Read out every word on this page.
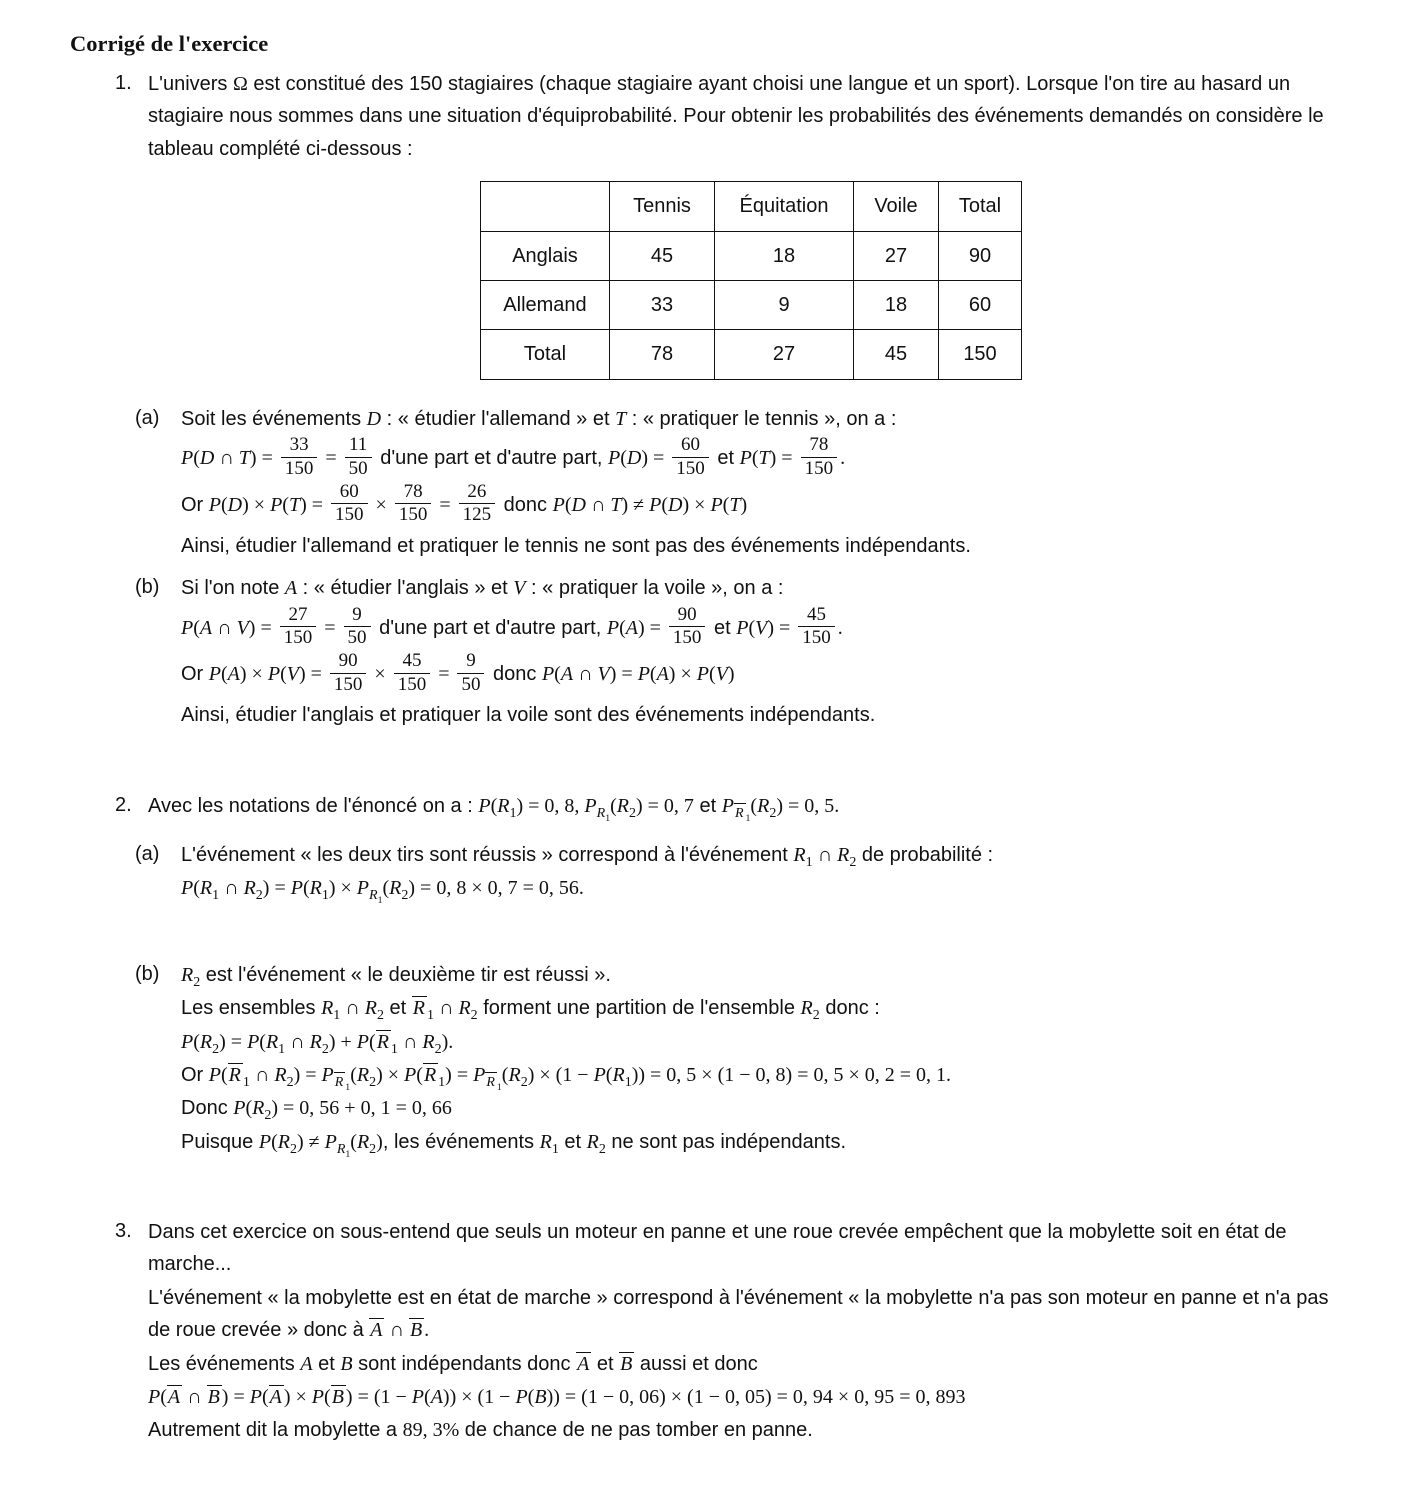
Corrigé de l'exercice
1. L'univers Ω est constitué des 150 stagiaires (chaque stagiaire ayant choisi une langue et un sport). Lorsque l'on tire au hasard un stagiaire nous sommes dans une situation d'équiprobabilité. Pour obtenir les probabilités des événements demandés on considère le tableau complété ci-dessous :
	Tennis	Équitation	Voile	Total
Anglais	45	18	27	90
Allemand	33	9	18	60
Total	78	27	45	150
(a)	Soit les événements D : « étudier l'allemand » et T : « pratiquer le tennis », on a :
P(D ∩ $T) = \frac{33}{150} = \frac{11}{50} d'une$ part et d'autre part, $P(D) = \frac{60}{150}$ et $P(T) = \frac{78}{150}$ .
Or $P(D) \times P(T) = \frac{60}{150} \times \frac{78}{150} = \frac{26}{125}$ donc P(D ∩ T) ≠ P(D) × P(T)
Ainsi, étudier l'allemand et pratiquer le tennis ne sont pas des événements indépendants.
(b)	Si l'on note A : « étudier l'anglais » et V : « pratiquer la voile », on a :
P(A ∩ $V) = \frac{27}{150} = \frac{9}{50} d'une$ part et d'autre part, $P(A) = \frac{90}{150}$ et $P(V) = \frac{45}{150}$ .
Or $P(A) \times P(V) = \frac{90}{150} \times \frac{45}{150} = \frac{9}{50}$ donc P(A ∩ V) = P(A) × P(V)
Ainsi, étudier l'anglais et pratiquer la voile sont des événements indépendants.
2. Avec les notations de l'énoncé on a : $P(R_1) = 0$, 8, $P_{R_1}(R_2) = 0$, 7 et $P_{R _1}(R_2) = 0$, 5.
(a)	L'événement « les deux tirs sont réussis » correspond à l'événement $R_1$ ∩ $R_2$ de probabilité :
$P(R_1$ ∩ $R_2) = P(R_1) \times P_{R_1}(R_2) = 0$, 8 × 0, 7 = 0, 56.
(b)	$R_2$ est l'événement « le deuxième tir est réussi ».
Les ensembles $R_1$ ∩ $R_2$ et R $_1$ ∩ $R_2$ forment une partition de l'ensemble $R_2$ donc :
$P(R_2) = P(R_1$ ∩ $R_2) + P(R$ $_1$ ∩ $R_2$).
Or P(R $_1$ ∩ $R_2) = P_{R _1}(R_2) \times P(R$ $_1) = P_{R _1}(R_2) \times (1 - P(R_1)) = 0$, 5 × (1 − 0, 8) = 0, 5 × 0, 2 = 0, 1.
Donc $P(R_2) = 0$, 56 + 0, 1 = 0, 66
Puisque $P(R_2) \ne P_{R_1}(R_2)$, les événements $R_1$ et $R_2$ ne sont pas indépendants.
3. Dans cet exercice on sous-entend que seuls un moteur en panne et une roue crevée empêchent que la mobylette soit en état de marche...
L'événement « la mobylette est en état de marche » correspond à l'événement « la mobylette n'a pas son moteur en panne et n'a pas de roue crevée » donc à A ∩ B .
Les événements A et B sont indépendants donc A et B aussi et donc
P(A ∩ B ) = P(A ) × P(B ) = (1 − P(A)) × (1 − P(B)) = (1 − 0, 06) × (1 − 0, 05) = 0, 94 × 0, 95 = 0, 893
Autrement dit la mobylette a 89, 3% de chance de ne pas tomber en panne.
